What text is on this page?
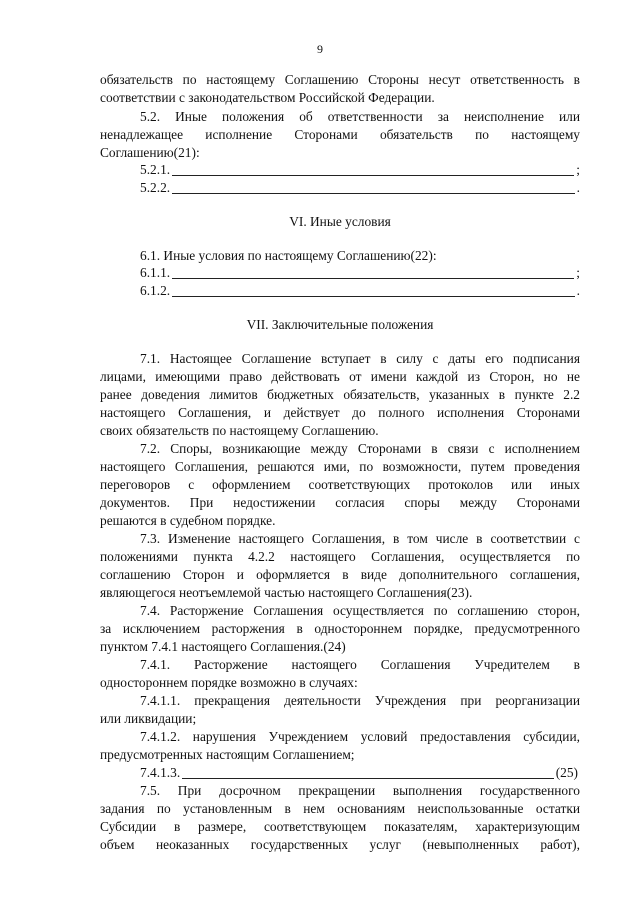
9
обязательств по настоящему Соглашению Стороны несут ответственность в
соответствии с законодательством Российской Федерации.
5.2. Иные положения об ответственности за неисполнение или
ненадлежащее исполнение Сторонами обязательств по настоящему
Соглашению(21):
5.2.1.	;
5.2.2.	.
VI. Иные условия
6.1. Иные условия по настоящему Соглашению(22):
6.1.1.	;
6.1.2.	.
VII. Заключительные положения
7.1. Настоящее Соглашение вступает в силу с даты его подписания
лицами, имеющими право действовать от имени каждой из Сторон, но не
ранее доведения лимитов бюджетных обязательств, указанных в пункте 2.2
настоящего Соглашения, и действует до полного исполнения Сторонами
своих обязательств по настоящему Соглашению.
7.2. Споры, возникающие между Сторонами в связи с исполнением
настоящего Соглашения, решаются ими, по возможности, путем проведения
переговоров с оформлением соответствующих протоколов или иных
документов. При недостижении согласия споры между Сторонами
решаются в судебном порядке.
7.3. Изменение настоящего Соглашения, в том числе в соответствии с
положениями пункта 4.2.2 настоящего Соглашения, осуществляется по
соглашению Сторон и оформляется в виде дополнительного соглашения,
являющегося неотъемлемой частью настоящего Соглашения(23).
7.4. Расторжение Соглашения осуществляется по соглашению сторон,
за исключением расторжения в одностороннем порядке, предусмотренного
пунктом 7.4.1 настоящего Соглашения.(24)
7.4.1. Расторжение настоящего Соглашения Учредителем в
одностороннем порядке возможно в случаях:
7.4.1.1. прекращения деятельности Учреждения при реорганизации
или ликвидации;
7.4.1.2. нарушения Учреждением условий предоставления субсидии,
предусмотренных настоящим Соглашением;
7.4.1.3.	(25)
7.5. При досрочном прекращении выполнения государственного
задания по установленным в нем основаниям неиспользованные остатки
Субсидии в размере, соответствующем показателям, характеризующим
объем неоказанных государственных услуг (невыполненных работ),
